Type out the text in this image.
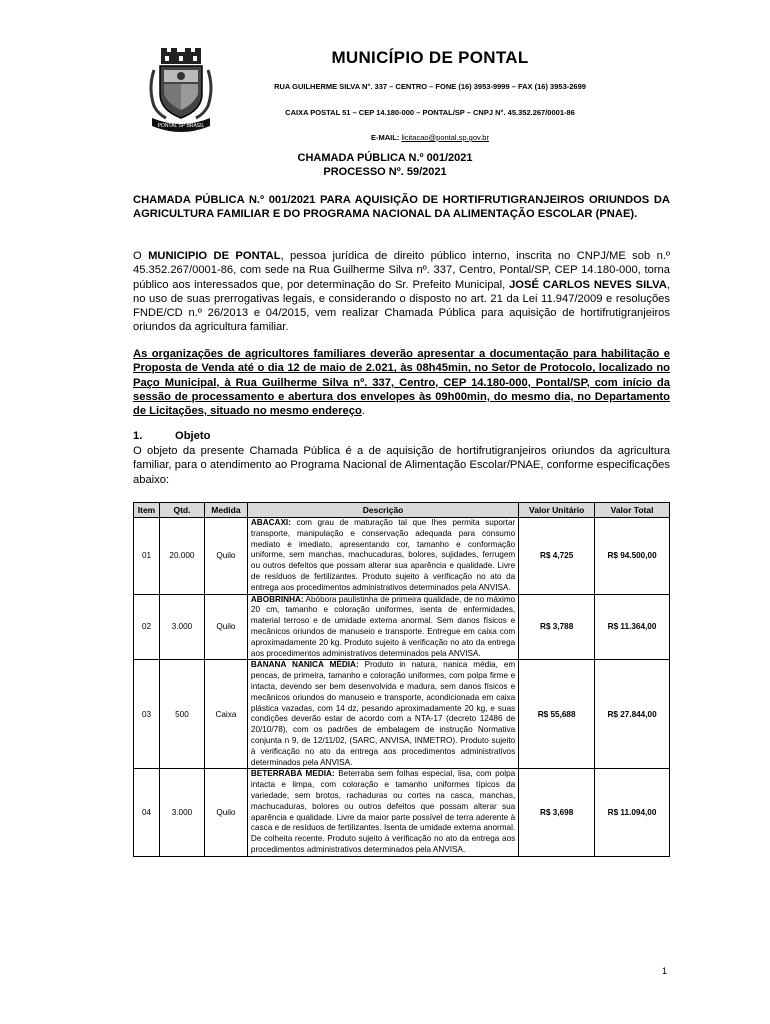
PONTAL SP BRASIL
MUNICÍPIO DE PONTAL
RUA GUILHERME SILVA N°. 337 – CENTRO – FONE (16) 3953-9999 – FAX (16) 3953-2699
CAIXA POSTAL 51 – CEP 14.180-000 – PONTAL/SP – CNPJ N°. 45.352.267/0001-86
E-MAIL: licitacao@pontal.sp.gov.br
CHAMADA PÚBLICA N.º 001/2021
PROCESSO Nº. 59/2021
CHAMADA PÚBLICA N.º 001/2021 PARA AQUISIÇÃO DE HORTIFRUTIGRANJEIROS ORIUNDOS DA AGRICULTURA FAMILIAR E DO PROGRAMA NACIONAL DA ALIMENTAÇÃO ESCOLAR (PNAE).
O MUNICIPIO DE PONTAL, pessoa jurídica de direito público interno, inscrita no CNPJ/ME sob n.º 45.352.267/0001-86, com sede na Rua Guilherme Silva nº. 337, Centro, Pontal/SP, CEP 14.180-000, torna público aos interessados que, por determinação do Sr. Prefeito Municipal, JOSÉ CARLOS NEVES SILVA, no uso de suas prerrogativas legais, e considerando o disposto no art. 21 da Lei 11.947/2009 e resoluções FNDE/CD n.º 26/2013 e 04/2015, vem realizar Chamada Pública para aquisição de hortifrutigranjeiros oriundos da agricultura familiar.
As organizações de agricultores familiares deverão apresentar a documentação para habilitação e Proposta de Venda até o dia 12 de maio de 2.021, às 08h45min, no Setor de Protocolo, localizado no Paço Municipal, à Rua Guilherme Silva nº. 337, Centro, CEP 14.180-000, Pontal/SP, com início da sessão de processamento e abertura dos envelopes às 09h00min, do mesmo dia, no Departamento de Licitações, situado no mesmo endereço.
1.	Objeto
O objeto da presente Chamada Pública é a de aquisição de hortifrutigranjeiros oriundos da agricultura familiar, para o atendimento ao Programa Nacional de Alimentação Escolar/PNAE, conforme especificações abaixo:
Item	Qtd.	Medida	Descrição	Valor Unitário	Valor Total
01	20.000	Quilo	ABACAXI: com grau de maturação tal que lhes permita suportar transporte, manipulação e conservação adequada para consumo mediato e imediato, apresentando cor, tamanho e conformação uniforme, sem manchas, machucaduras, bolores, sujidades, ferrugem ou outros defeitos que possam alterar sua aparência e qualidade. Livre de resíduos de fertilizantes. Produto sujeito à verificação no ato da entrega aos procedimentos administrativos determinados pela ANVISA.	R$ 4,725	R$ 94.500,00
02	3.000	Quilo	ABOBRINHA: Abóbora paulistinha de primeira qualidade, de no máximo 20 cm, tamanho e coloração uniformes, isenta de enfermidades, material terroso e de umidade externa anormal. Sem danos físicos e mecânicos oriundos de manuseio e transporte. Entregue em caixa com aproximadamente 20 kg. Produto sujeito à verificação no ato da entrega aos procedimentos administrativos determinados pela ANVISA.	R$ 3,788	R$ 11.364,00
03	500	Caixa	BANANA NANICA MÉDIA: Produto in natura, nanica média, em pencas, de primeira, tamanho e coloração uniformes, com polpa firme e intacta, devendo ser bem desenvolvida e madura, sem danos físicos e mecânicos oriundos do manuseio e transporte, acondicionada em caixa plástica vazadas, com 14 dz, pesando aproximadamente 20 kg, e suas condições deverão estar de acordo com a NTA-17 (decreto 12486 de 20/10/78), com os padrões de embalagem de instrução Normativa conjunta n 9, de 12/11/02, (SARC, ANVISA, INMETRO). Produto sujeito à verificação no ato da entrega aos procedimentos administrativos determinados pela ANVISA.	R$ 55,688	R$ 27.844,00
04	3.000	Quilo	BETERRABA MEDIA: Beterraba sem folhas especial, lisa, com polpa intacta e limpa, com coloração e tamanho uniformes típicos da variedade, sem brotos, rachaduras ou cortes na casca, manchas, machucaduras, bolores ou outros defeitos que possam alterar sua aparência e qualidade. Livre da maior parte possível de terra aderente à casca e de resíduos de fertilizantes. Isenta de umidade externa anormal. De colheita recente. Produto sujeito à verificação no ato da entrega aos procedimentos administrativos determinados pela ANVISA.	R$ 3,698	R$ 11.094,00
1
